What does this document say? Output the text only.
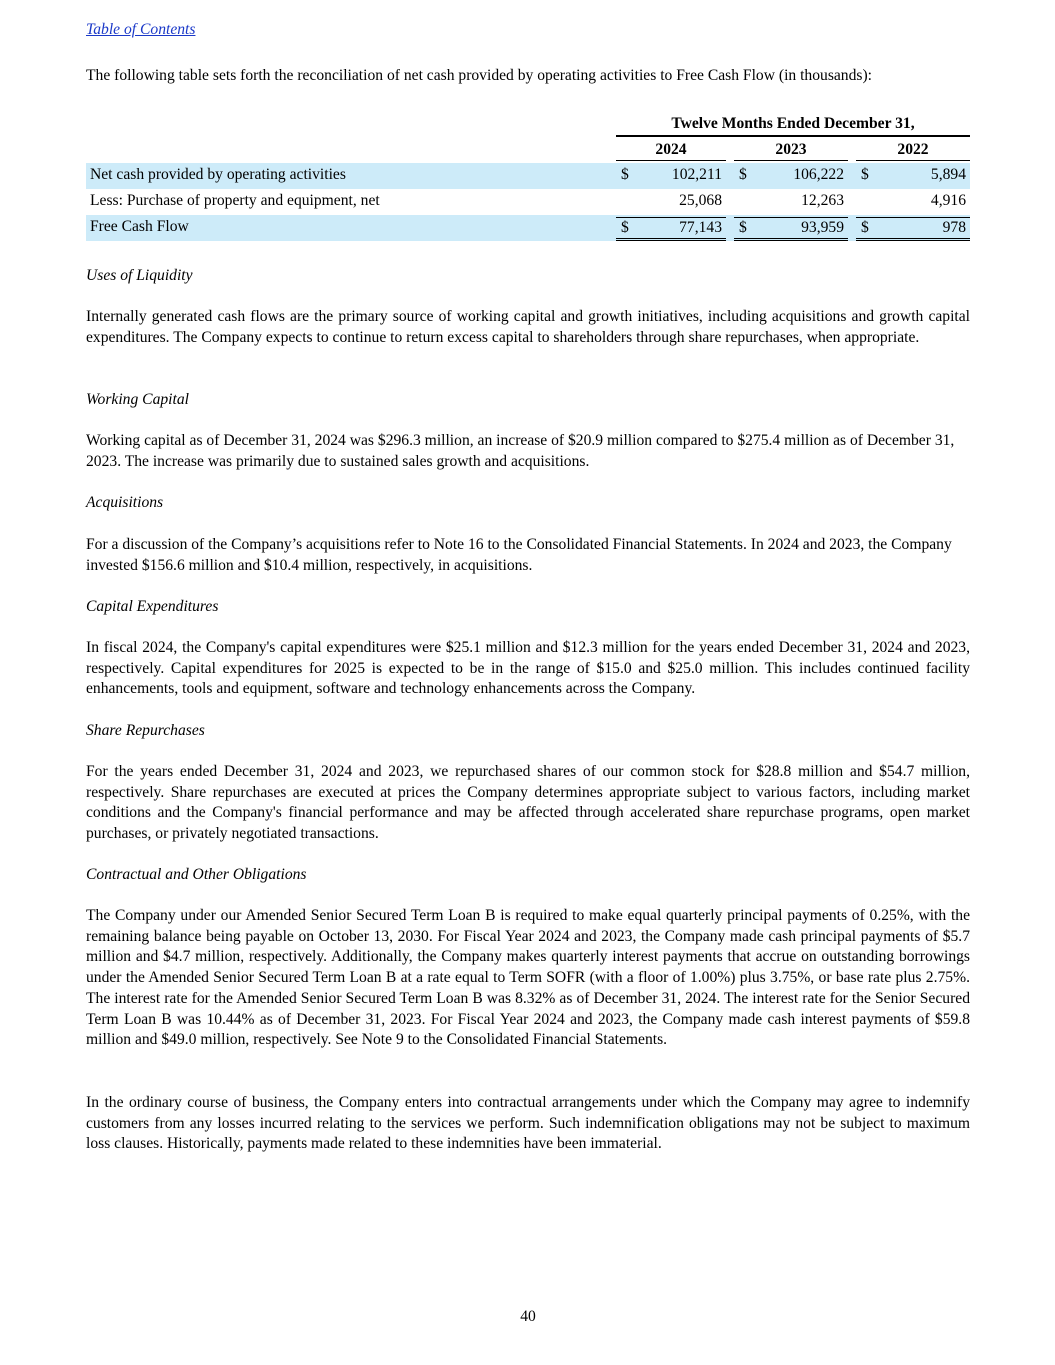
Table of Contents

The following table sets forth the reconciliation of net cash provided by operating activities to Free Cash Flow (in thousands):

Twelve Months Ended December 31,
2024	2023	2022
Net cash provided by operating activities	$	102,211 $	106,222 $	5,894
Less: Purchase of property and equipment, net	25,068	12,263	4,916
Free Cash Flow	$	77,143 $	93,959 $	978

Uses of Liquidity

Internally generated cash flows are the primary source of working capital and growth initiatives, including acquisitions and growth capital expenditures. The Company expects to continue to return excess capital to shareholders through share repurchases, when appropriate.

Working Capital

Working capital as of December 31, 2024 was $296.3 million, an increase of $20.9 million compared to $275.4 million as of December 31, 2023. The increase was primarily due to sustained sales growth and acquisitions.

Acquisitions

For a discussion of the Company’s acquisitions refer to Note 16 to the Consolidated Financial Statements. In 2024 and 2023, the Company invested $156.6 million and $10.4 million, respectively, in acquisitions.

Capital Expenditures

In fiscal 2024, the Company's capital expenditures were $25.1 million and $12.3 million for the years ended December 31, 2024 and 2023, respectively. Capital expenditures for 2025 is expected to be in the range of $15.0 and $25.0 million. This includes continued facility enhancements, tools and equipment, software and technology enhancements across the Company.

Share Repurchases

For the years ended December 31, 2024 and 2023, we repurchased shares of our common stock for $28.8 million and $54.7 million, respectively. Share repurchases are executed at prices the Company determines appropriate subject to various factors, including market conditions and the Company's financial performance and may be affected through accelerated share repurchase programs, open market purchases, or privately negotiated transactions.

Contractual and Other Obligations

The Company under our Amended Senior Secured Term Loan B is required to make equal quarterly principal payments of 0.25%, with the remaining balance being payable on October 13, 2030. For Fiscal Year 2024 and 2023, the Company made cash principal payments of $5.7 million and $4.7 million, respectively. Additionally, the Company makes quarterly interest payments that accrue on outstanding borrowings under the Amended Senior Secured Term Loan B at a rate equal to Term SOFR (with a floor of 1.00%) plus 3.75%, or base rate plus 2.75%. The interest rate for the Amended Senior Secured Term Loan B was 8.32% as of December 31, 2024. The interest rate for the Senior Secured Term Loan B was 10.44% as of December 31, 2023. For Fiscal Year 2024 and 2023, the Company made cash interest payments of $59.8 million and $49.0 million, respectively. See Note 9 to the Consolidated Financial Statements.

In the ordinary course of business, the Company enters into contractual arrangements under which the Company may agree to indemnify customers from any losses incurred relating to the services we perform. Such indemnification obligations may not be subject to maximum loss clauses. Historically, payments made related to these indemnities have been immaterial.

40
